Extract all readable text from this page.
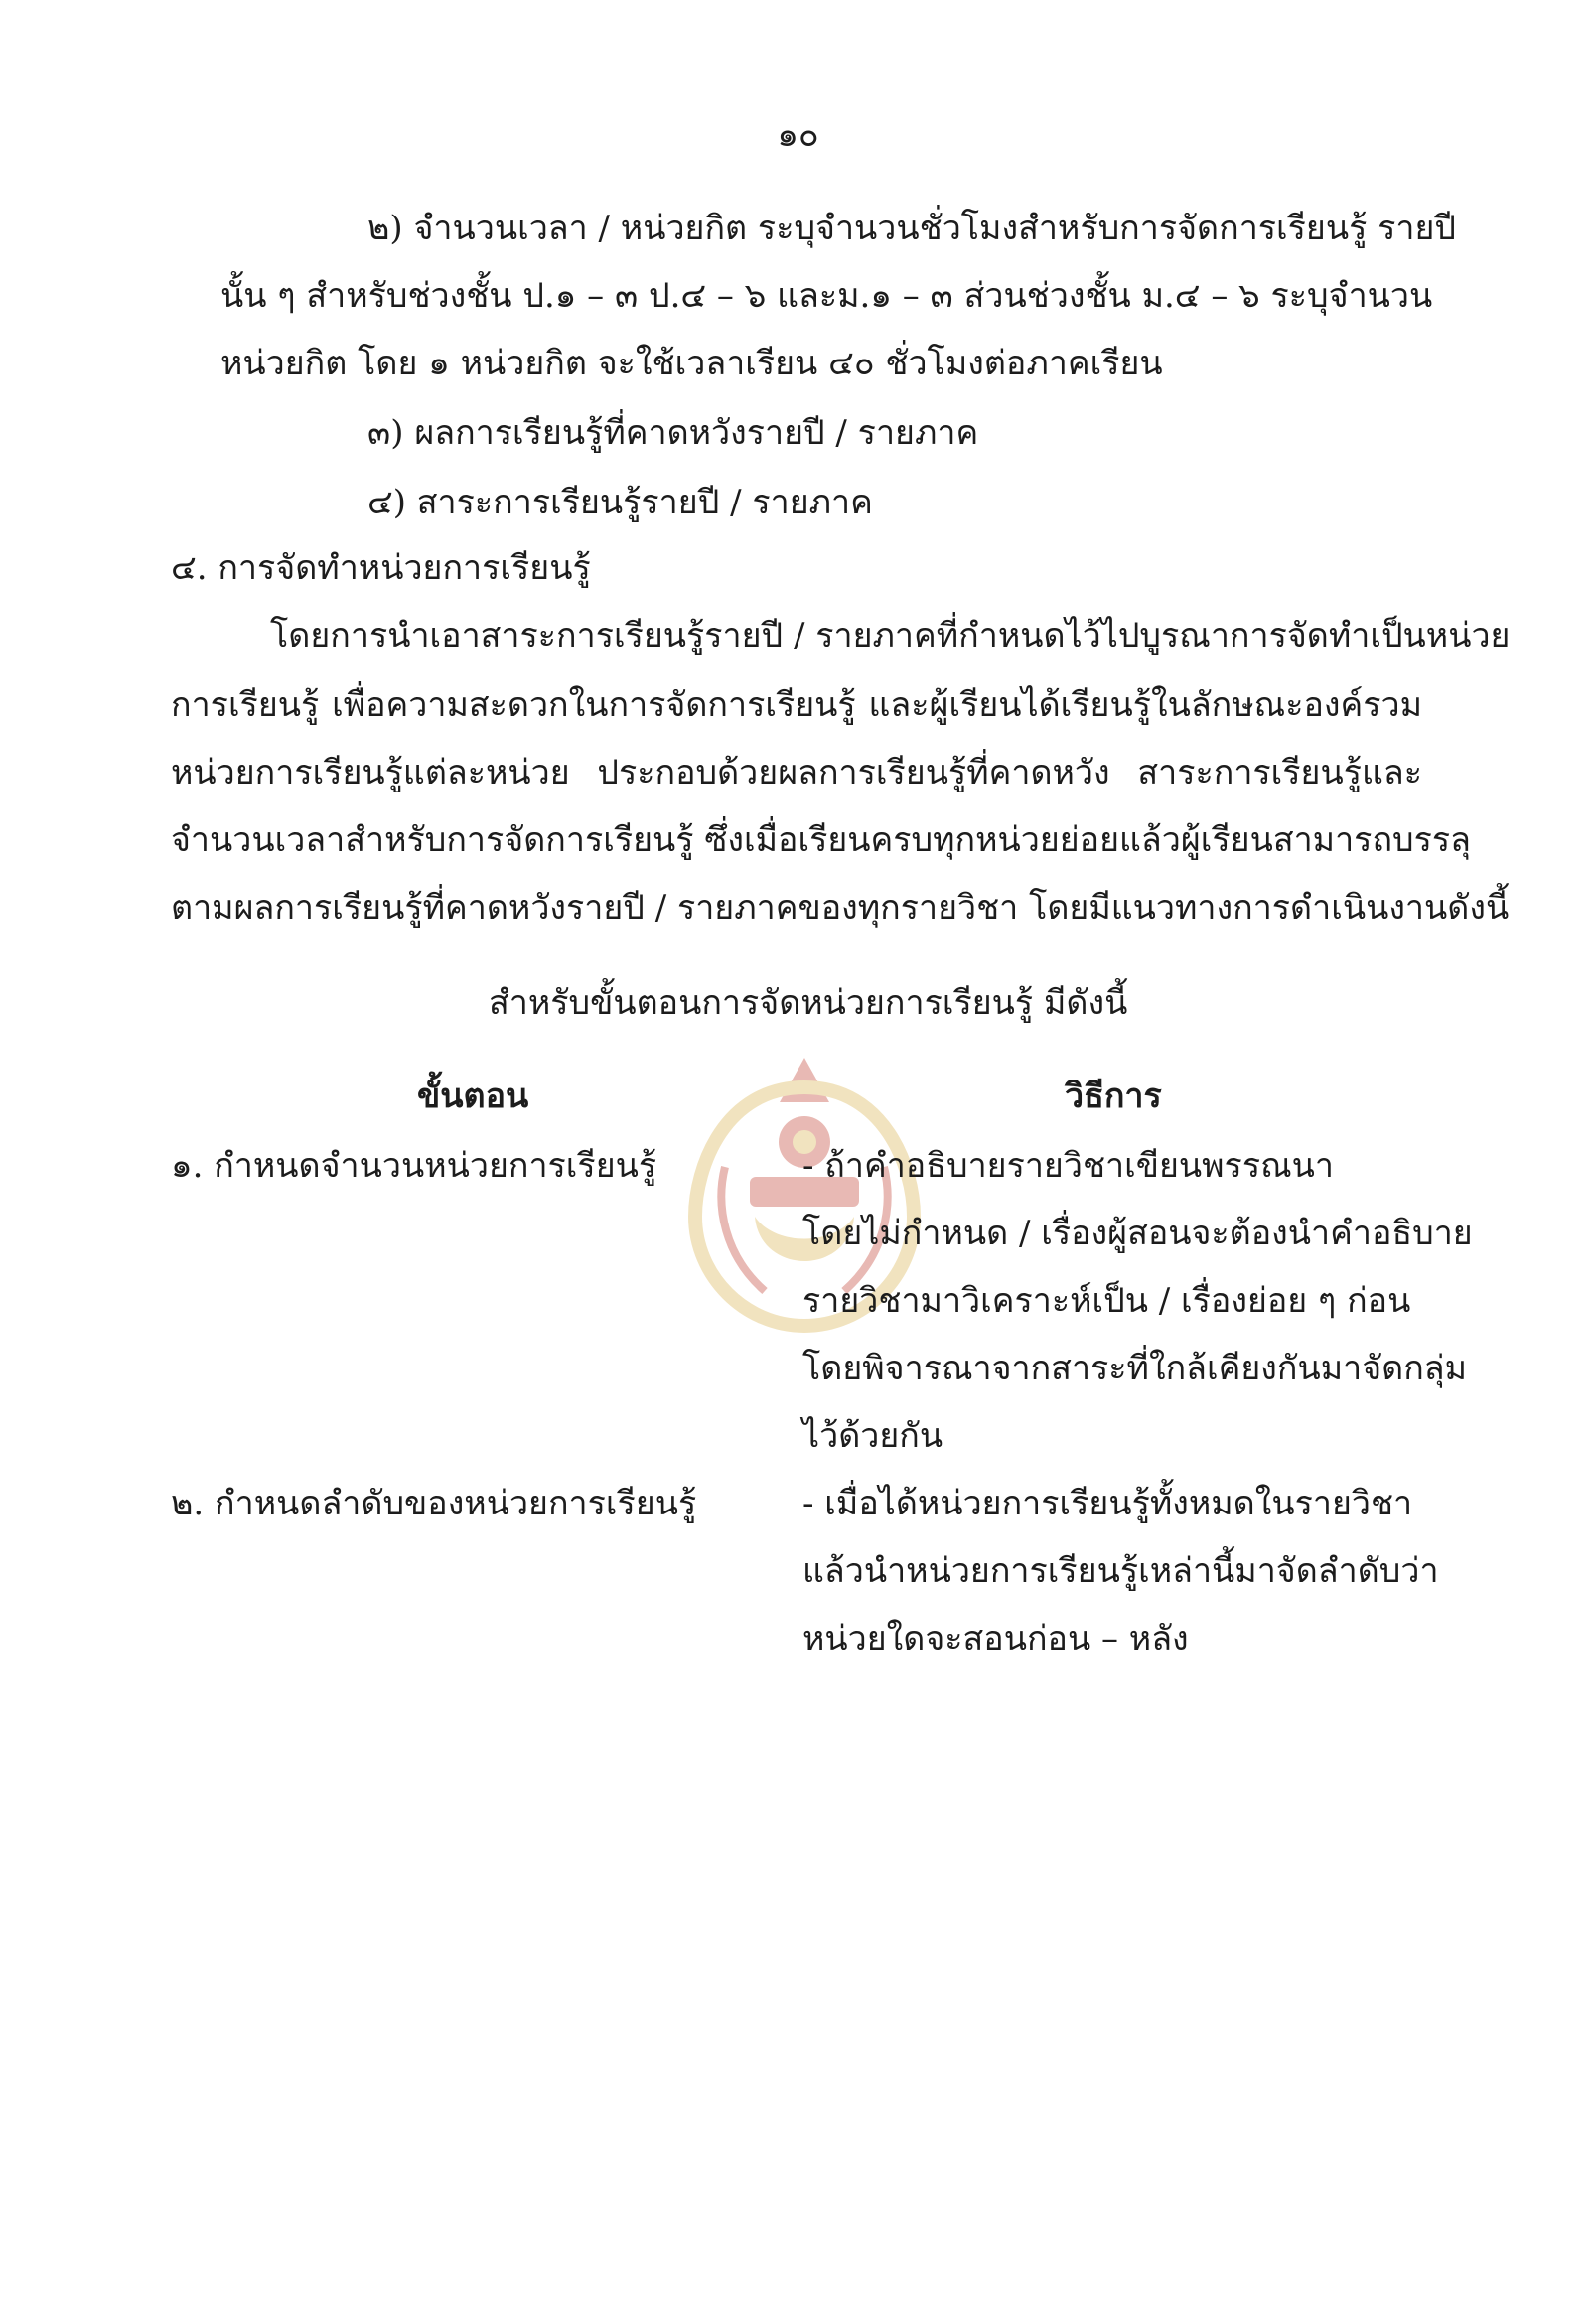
๑๐
๒) จำนวนเวลา / หน่วยกิต ระบุจำนวนชั่วโมงสำหรับการจัดการเรียนรู้ รายปี
นั้น ๆ สำหรับช่วงชั้น ป.๑ – ๓ ป.๔ – ๖ และม.๑ – ๓ ส่วนช่วงชั้น ม.๔ – ๖ ระบุจำนวน
หน่วยกิต โดย ๑ หน่วยกิต จะใช้เวลาเรียน ๔๐ ชั่วโมงต่อภาคเรียน
๓) ผลการเรียนรู้ที่คาดหวังรายปี / รายภาค
๔) สาระการเรียนรู้รายปี / รายภาค
๔. การจัดทำหน่วยการเรียนรู้
โดยการนำเอาสาระการเรียนรู้รายปี / รายภาคที่กำหนดไว้ไปบูรณาการจัดทำเป็นหน่วย
การเรียนรู้ เพื่อความสะดวกในการจัดการเรียนรู้ และผู้เรียนได้เรียนรู้ในลักษณะองค์รวม
หน่วยการเรียนรู้แต่ละหน่วย ประกอบด้วยผลการเรียนรู้ที่คาดหวัง สาระการเรียนรู้และ
จำนวนเวลาสำหรับการจัดการเรียนรู้ ซึ่งเมื่อเรียนครบทุกหน่วยย่อยแล้วผู้เรียนสามารถบรรลุ
ตามผลการเรียนรู้ที่คาดหวังรายปี / รายภาคของทุกรายวิชา โดยมีแนวทางการดำเนินงานดังนี้
สำหรับขั้นตอนการจัดหน่วยการเรียนรู้ มีดังนี้
ขั้นตอน	วิธีการ
๑. กำหนดจำนวนหน่วยการเรียนรู้	- ถ้าคำอธิบายรายวิชาเขียนพรรณนา
โดยไม่กำหนด / เรื่องผู้สอนจะต้องนำคำอธิบาย
รายวิชามาวิเคราะห์เป็น / เรื่องย่อย ๆ ก่อน
โดยพิจารณาจากสาระที่ใกล้เคียงกันมาจัดกลุ่ม
ไว้ด้วยกัน
๒. กำหนดลำดับของหน่วยการเรียนรู้	- เมื่อได้หน่วยการเรียนรู้ทั้งหมดในรายวิชา
แล้วนำหน่วยการเรียนรู้เหล่านี้มาจัดลำดับว่า
หน่วยใดจะสอนก่อน – หลัง
